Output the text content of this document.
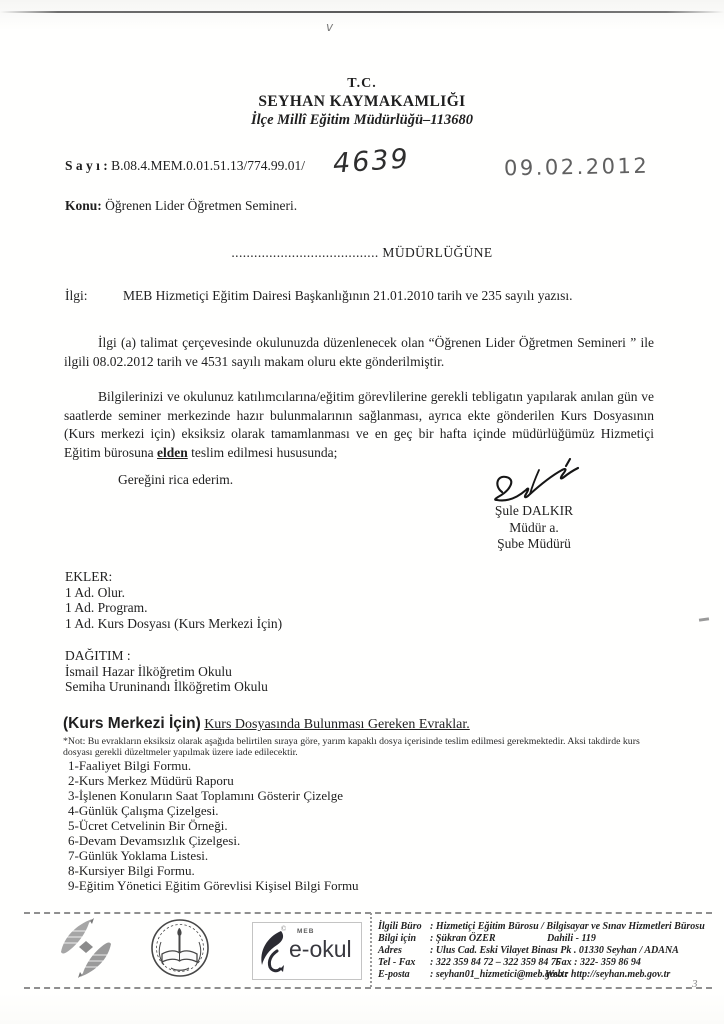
v
T.C.
SEYHAN KAYMAKAMLIĞI
İlçe Millî Eğitim Müdürlüğü–113680
S a y ı : B.08.4.MEM.0.01.51.13/774.99.01/ 4639	09.02.2012
Konu: Öğrenen Lider Öğretmen Semineri.
....................................... MÜDÜRLÜĞÜNE
İlgi:	MEB Hizmetiçi Eğitim Dairesi Başkanlığının 21.01.2010 tarih ve 235 sayılı yazısı.
İlgi (a) talimat çerçevesinde okulunuzda düzenlenecek olan “Öğrenen Lider Öğretmen Semineri ” ile ilgili 08.02.2012 tarih ve 4531 sayılı makam oluru ekte gönderilmiştir.
Bilgilerinizi ve okulunuz katılımcılarına/eğitim görevlilerine gerekli tebligatın yapılarak anılan gün ve saatlerde seminer merkezinde hazır bulunmalarının sağlanması, ayrıca ekte gönderilen Kurs Dosyasının (Kurs merkezi için) eksiksiz olarak tamamlanması ve en geç bir hafta içinde müdürlüğümüz Hizmetiçi Eğitim bürosuna elden teslim edilmesi hususunda;
Gereğini rica ederim.
Şule DALKIR
Müdür a.
Şube Müdürü
EKLER:
1 Ad. Olur.
1 Ad. Program.
1 Ad. Kurs Dosyası (Kurs Merkezi İçin)
DAĞITIM :
İsmail Hazar İlköğretim Okulu
Semiha Uruninandı İlköğretim Okulu
(Kurs Merkezi İçin) Kurs Dosyasında Bulunması Gereken Evraklar.
*Not: Bu evrakların eksiksiz olarak aşağıda belirtilen sıraya göre, yarım kapaklı dosya içerisinde teslim edilmesi gerekmektedir. Aksi takdirde kurs dosyası gerekli düzeltmeler yapılmak üzere iade edilecektir.
1-Faaliyet Bilgi Formu.
2-Kurs Merkez Müdürü Raporu
3-İşlenen Konuların Saat Toplamını Gösterir Çizelge
4-Günlük Çalışma Çizelgesi.
5-Ücret Cetvelinin Bir Örneği.
6-Devam Devamsızlık Çizelgesi.
7-Günlük Yoklama Listesi.
8-Kursiyer Bilgi Formu.
9-Eğitim Yönetici Eğitim Görevlisi Kişisel Bilgi Formu
3
© MEB
e-okul
İlgili Büro : Hizmetiçi Eğitim Bürosu / Bilgisayar ve Sınav Hizmetleri Bürosu
Bilgi için : Şükran ÖZER	Dahili - 119
Adres	: Ulus Cad. Eski Vilayet Binası Pk . 01330 Seyhan / ADANA
Tel - Fax : 322 359 84 72 – 322 359 84 75
Fax : 322- 359 86 94
E-posta : seyhan01_hizmetici@meb.gov.tr
Web : http://seyhan.meb.gov.tr
